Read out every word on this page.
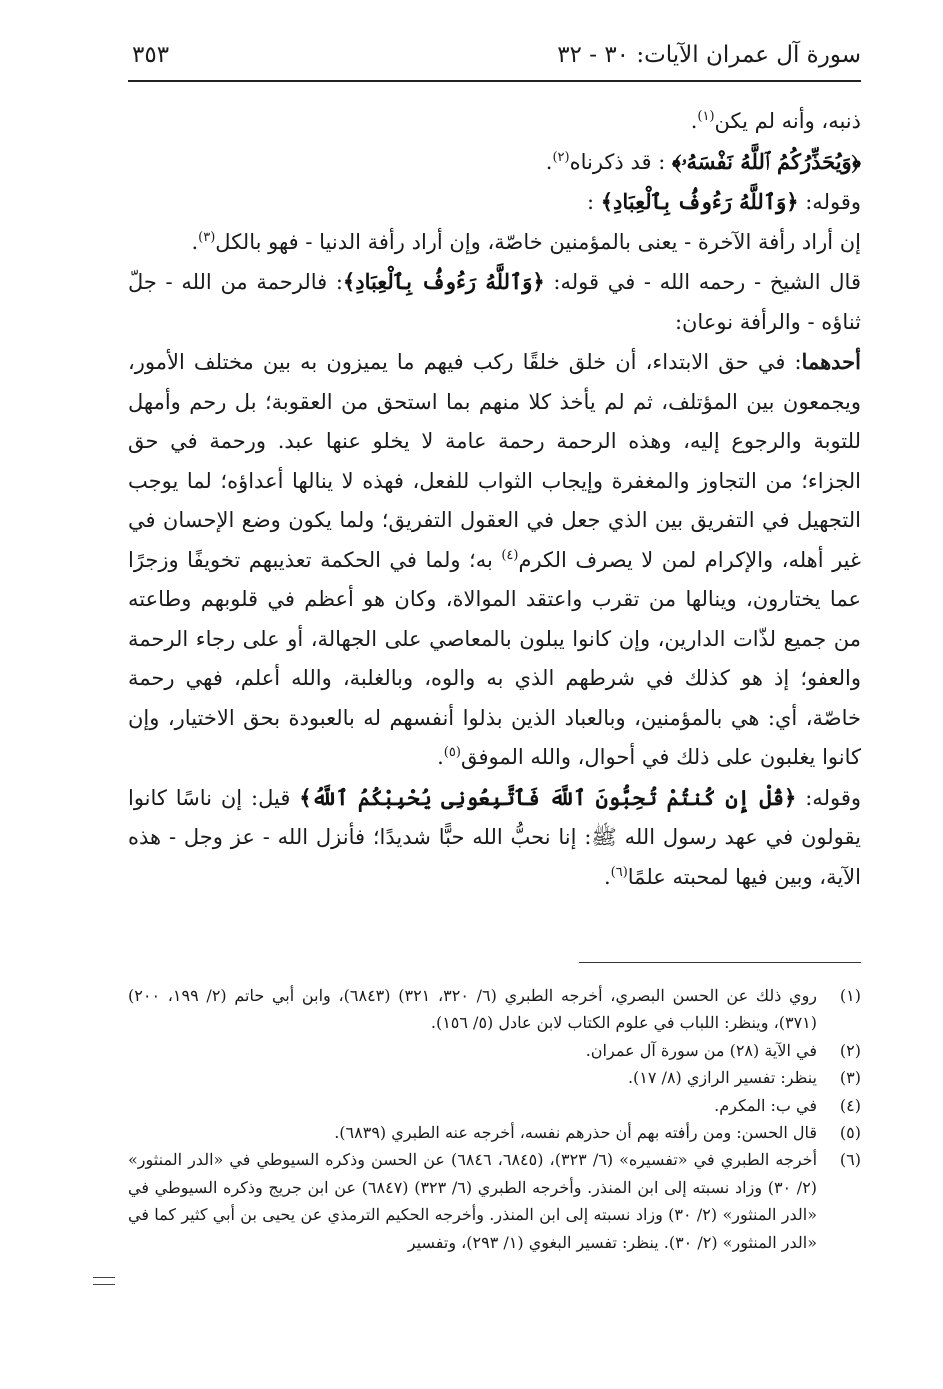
سورة آل عمران الآيات: ٣٠ - ٣٢
٣٥٣

ذنبه، وأنه لم يكن$^{(١)}$.

﴿وَيُحَذِّرُكُمُ ٱللَّهُ نَفْسَهُۥ﴾ : قد ذكرناه$^{(٢)}$.

وقوله: ﴿وَٱللَّهُ رَءُوفُۢ بِٱلْعِبَادِ﴾ :

إن أراد رأفة الآخرة - يعنى بالمؤمنين خاصّة، وإن أراد رأفة الدنيا - فهو بالكل$^{(٣)}$.

قال الشيخ - رحمه الله - في قوله: ﴿وَٱللَّهُ رَءُوفُۢ بِٱلْعِبَادِ﴾: فالرحمة من الله - جلّ ثناؤه - والرأفة نوعان:

أحدهما: في حق الابتداء، أن خلق خلقًا ركب فيهم ما يميزون به بين مختلف الأمور، ويجمعون بين المؤتلف، ثم لم يأخذ كلا منهم بما استحق من العقوبة؛ بل رحم وأمهل للتوبة والرجوع إليه، وهذه الرحمة رحمة عامة لا يخلو عنها عبد. ورحمة في حق الجزاء؛ من التجاوز والمغفرة وإيجاب الثواب للفعل، فهذه لا ينالها أعداؤه؛ لما يوجب التجهيل في التفريق بين الذي جعل في العقول التفريق؛ ولما يكون وضع الإحسان في غير أهله، والإكرام لمن لا يصرف الكرم$^{(٤)}$ به؛ ولما في الحكمة تعذيبهم تخويفًا وزجرًا عما يختارون، وينالها من تقرب واعتقد الموالاة، وكان هو أعظم في قلوبهم وطاعته من جميع لذّات الدارين، وإن كانوا يبلون بالمعاصي على الجهالة، أو على رجاء الرحمة والعفو؛ إذ هو كذلك في شرطهم الذي به والوه، وبالغلبة، والله أعلم، فهي رحمة خاصّة، أي: هي بالمؤمنين، وبالعباد الذين بذلوا أنفسهم له بالعبودة بحق الاختيار، وإن كانوا يغلبون على ذلك في أحوال، والله الموفق$^{(٥)}$.

وقوله: ﴿قُلْ إِن كُنتُمْ تُحِبُّونَ ٱللَّهَ فَٱتَّبِعُونِى يُحْبِبْكُمُ ٱللَّهُ﴾ قيل: إن ناسًا كانوا يقولون في عهد رسول الله ﷺ: إنا نحبُّ الله حبًّا شديدًا؛ فأنزل الله - عز وجل - هذه الآية، وبين فيها لمحبته علمًا$^{(٦)}$.

(١)
روي ذلك عن الحسن البصري، أخرجه الطبري (٦/ ٣٢٠، ٣٢١) (٦٨٤٣)، وابن أبي حاتم (٢/ ١٩٩، ٢٠٠) (٣٧١)، وينظر: اللباب في علوم الكتاب لابن عادل (٥/ ١٥٦).

(٢)
في الآية (٢٨) من سورة آل عمران.

(٣)
ينظر: تفسير الرازي (٨/ ١٧).

(٤)
في ب: المكرم.

(٥)
قال الحسن: ومن رأفته بهم أن حذرهم نفسه، أخرجه عنه الطبري (٦٨٣٩).

(٦)
أخرجه الطبري في «تفسيره» (٦/ ٣٢٣)، (٦٨٤٥، ٦٨٤٦) عن الحسن وذكره السيوطي في «الدر المنثور» (٢/ ٣٠) وزاد نسبته إلى ابن المنذر. وأخرجه الطبري (٦/ ٣٢٣) (٦٨٤٧) عن ابن جريج وذكره السيوطي في «الدر المنثور» (٢/ ٣٠) وزاد نسبته إلى ابن المنذر. وأخرجه الحكيم الترمذي عن يحيى بن أبي كثير كما في «الدر المنثور» (٢/ ٣٠). ينظر: تفسير البغوي (١/ ٢٩٣)، وتفسير
